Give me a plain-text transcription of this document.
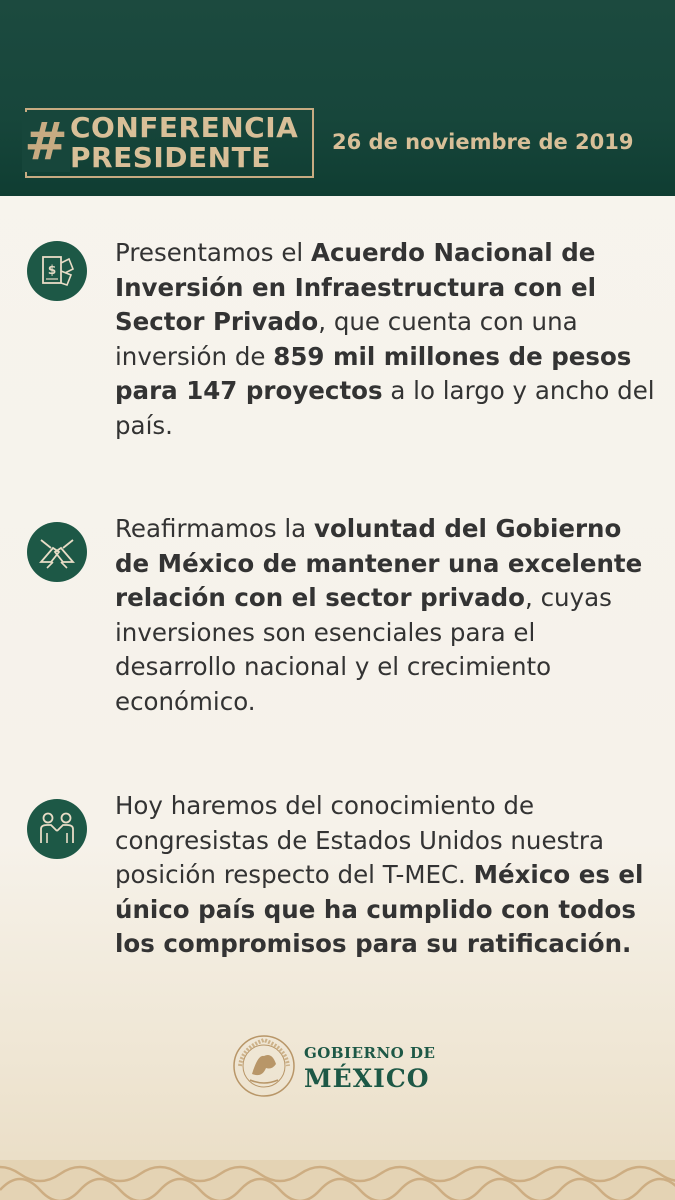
# CONFERENCIA
PRESIDENTE	26 de noviembre de 2019
$
Presentamos el Acuerdo Nacional de Inversión en Infraestructura con el Sector Privado, que cuenta con una inversión de 859 mil millones de pesos para 147 proyectos a lo largo y ancho del país.
Reafirmamos la voluntad del Gobierno de México de mantener una excelente relación con el sector privado, cuyas inversiones son esenciales para el desarrollo nacional y el crecimiento económico.
Hoy haremos del conocimiento de congresistas de Estados Unidos nuestra posición respecto del T-MEC. México es el único país que ha cumplido con todos los compromisos para su ratificación.
GOBIERNO DE
MÉXICO
